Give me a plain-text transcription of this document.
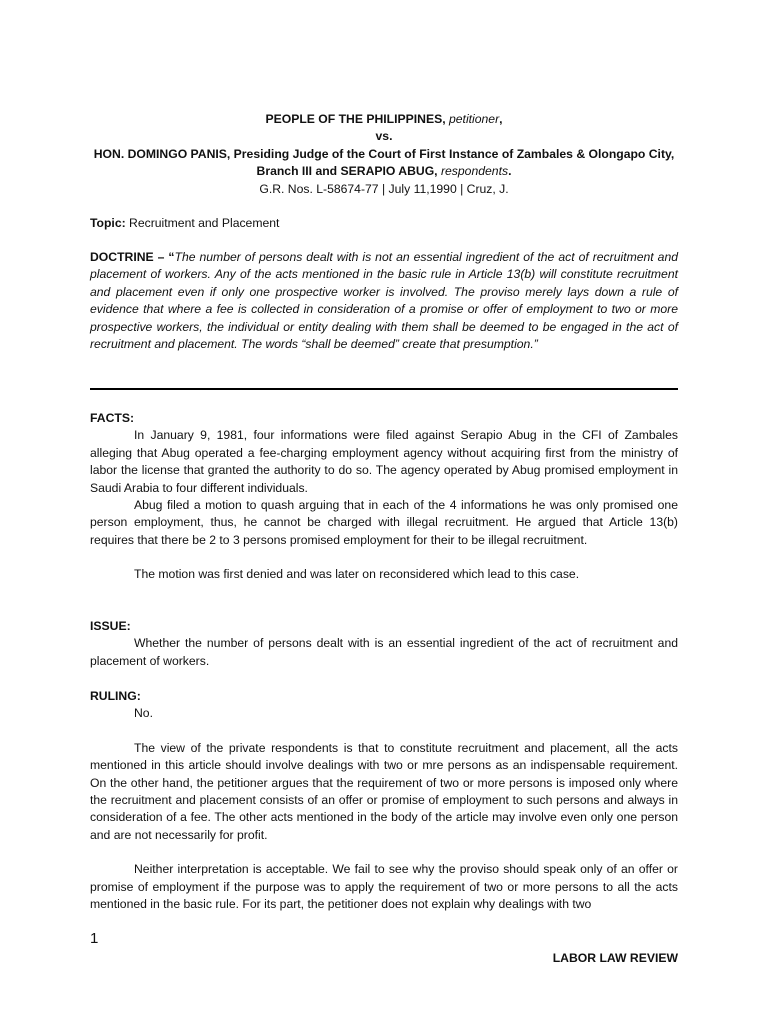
PEOPLE OF THE PHILIPPINES, petitioner,

vs.

HON. DOMINGO PANIS, Presiding Judge of the Court of First Instance of Zambales & Olongapo City,

Branch III and SERAPIO ABUG, respondents.

G.R. Nos. L-58674-77 | July 11,1990 | Cruz, J.

Topic: Recruitment and Placement
DOCTRINE – “The number of persons dealt with is not an essential ingredient of the act of recruitment and placement of workers. Any of the acts mentioned in the basic rule in Article 13(b) will constitute recruitment and placement even if only one prospective worker is involved. The proviso merely lays down a rule of evidence that where a fee is collected in consideration of a promise or offer of employment to two or more prospective workers, the individual or entity dealing with them shall be deemed to be engaged in the act of recruitment and placement. The words “shall be deemed” create that presumption.”

FACTS:

In January 9, 1981, four informations were filed against Serapio Abug in the CFI of Zambales alleging that Abug operated a fee-charging employment agency without acquiring first from the ministry of labor the license that granted the authority to do so. The agency operated by Abug promised employment in Saudi Arabia to four different individuals.

Abug filed a motion to quash arguing that in each of the 4 informations he was only promised one person employment, thus, he cannot be charged with illegal recruitment. He argued that Article 13(b) requires that there be 2 to 3 persons promised employment for their to be illegal recruitment.

The motion was first denied and was later on reconsidered which lead to this case.

ISSUE:

Whether the number of persons dealt with is an essential ingredient of the act of recruitment and placement of workers.

RULING:

No.

The view of the private respondents is that to constitute recruitment and placement, all the acts mentioned in this article should involve dealings with two or mre persons as an indispensable requirement. On the other hand, the petitioner argues that the requirement of two or more persons is imposed only where the recruitment and placement consists of an offer or promise of employment to such persons and always in consideration of a fee. The other acts mentioned in the body of the article may involve even only one person and are not necessarily for profit.

Neither interpretation is acceptable. We fail to see why the proviso should speak only of an offer or promise of employment if the purpose was to apply the requirement of two or more persons to all the acts mentioned in the basic rule. For its part, the petitioner does not explain why dealings with two

1
LABOR LAW REVIEW
